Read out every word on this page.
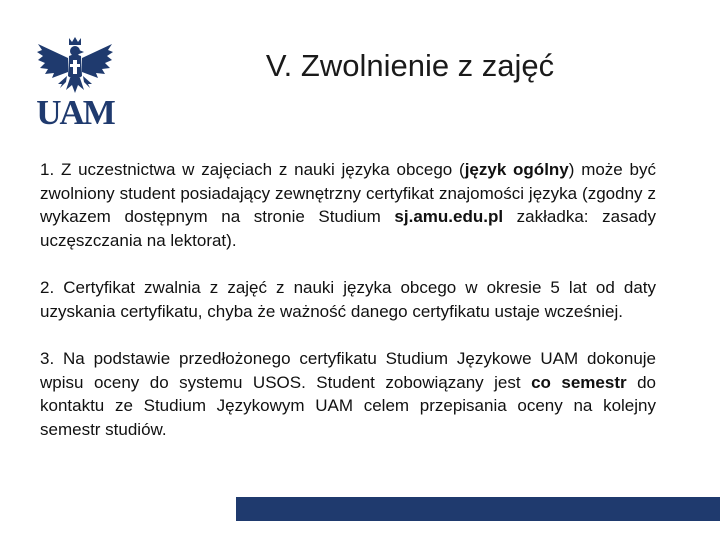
UAM
V. Zwolnienie z zajęć

1. Z uczestnictwa w zajęciach z nauki języka obcego (język ogólny) może być zwolniony student posiadający zewnętrzny certyfikat znajomości języka (zgodny z wykazem dostępnym na stronie Studium sj.amu.edu.pl zakładka: zasady uczęszczania na lektorat).

2. Certyfikat zwalnia z zajęć z nauki języka obcego w okresie 5 lat od daty uzyskania certyfikatu, chyba że ważność danego certyfikatu ustaje wcześniej.

3. Na podstawie przedłożonego certyfikatu Studium Językowe UAM dokonuje wpisu oceny do systemu USOS. Student zobowiązany jest co semestr do kontaktu ze Studium Językowym UAM celem przepisania oceny na kolejny semestr studiów.
